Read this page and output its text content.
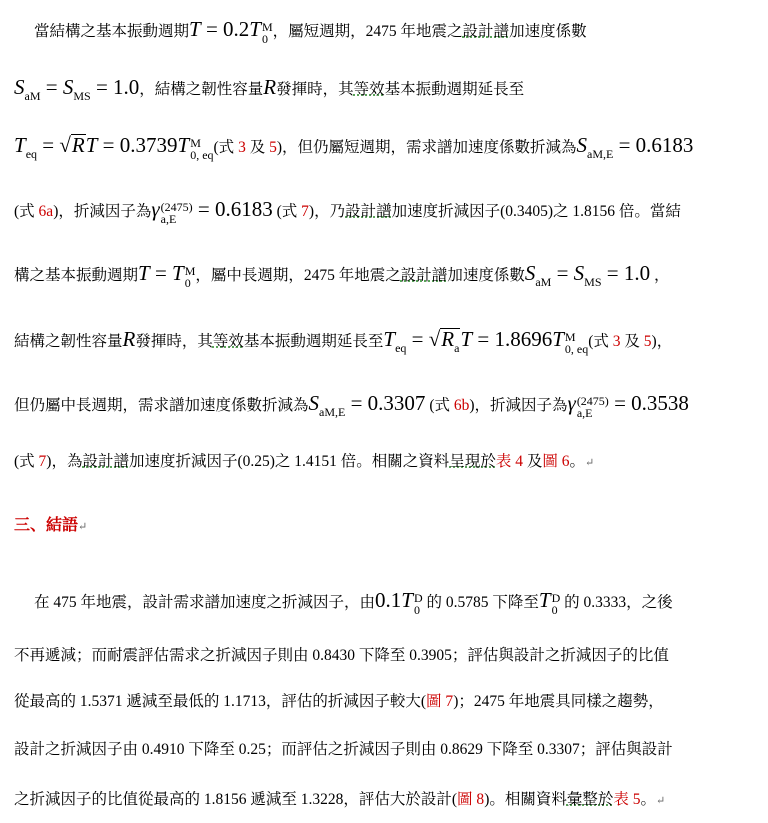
當結構之基本振動週期T = 0.2T M
0 ，屬短週期，2475 年地震之設計譜加速度係數
$S_{aM} = S_{MS} = 1.0$，結構之韌性容量R發揮時，其等效基本振動週期延長至
$T_{eq} = √RT = 0.3739T$ M
0, eq (式 3 及 5)，但仍屬短週期，需求譜加速度係數折減為$S_{aM,E} = 0.6183$
(式 6a)，折減因子為γ (2475)
a,E = 0.6183 (式 7)，乃設計譜加速度折減因子(0.3405)之 1.8156 倍。當結
構之基本振動週期T = T M
0 ，屬中長週期，2475 年地震之設計譜加速度係數$S_{aM} = S_{MS} = 1.0$ ，
結構之韌性容量R發揮時，其等效基本振動週期延長至$T_{eq} = √R_aT = 1.8696T$ M
0, eq (式 3 及 5)，
但仍屬中長週期，需求譜加速度係數折減為$S_{aM,E} = 0.3307$ (式 6b)，折減因子為γ (2475)
a,E = 0.3538
(式 7)，為設計譜加速度折減因子(0.25)之 1.4151 倍。相關之資料呈現於表 4 及圖 6。↵
三、結語↵
在 475 年地震，設計需求譜加速度之折減因子，由0.1T D
0 的 0.5785 下降至T D
0 的 0.3333，之後
不再遞減；而耐震評估需求之折減因子則由 0.8430 下降至 0.3905；評估與設計之折減因子的比值
從最高的 1.5371 遞減至最低的 1.1713，評估的折減因子較大(圖 7)；2475 年地震具同樣之趨勢，
設計之折減因子由 0.4910 下降至 0.25；而評估之折減因子則由 0.8629 下降至 0.3307；評估與設計
之折減因子的比值從最高的 1.8156 遞減至 1.3228，評估大於設計(圖 8)。相關資料彙整於表 5。↵
